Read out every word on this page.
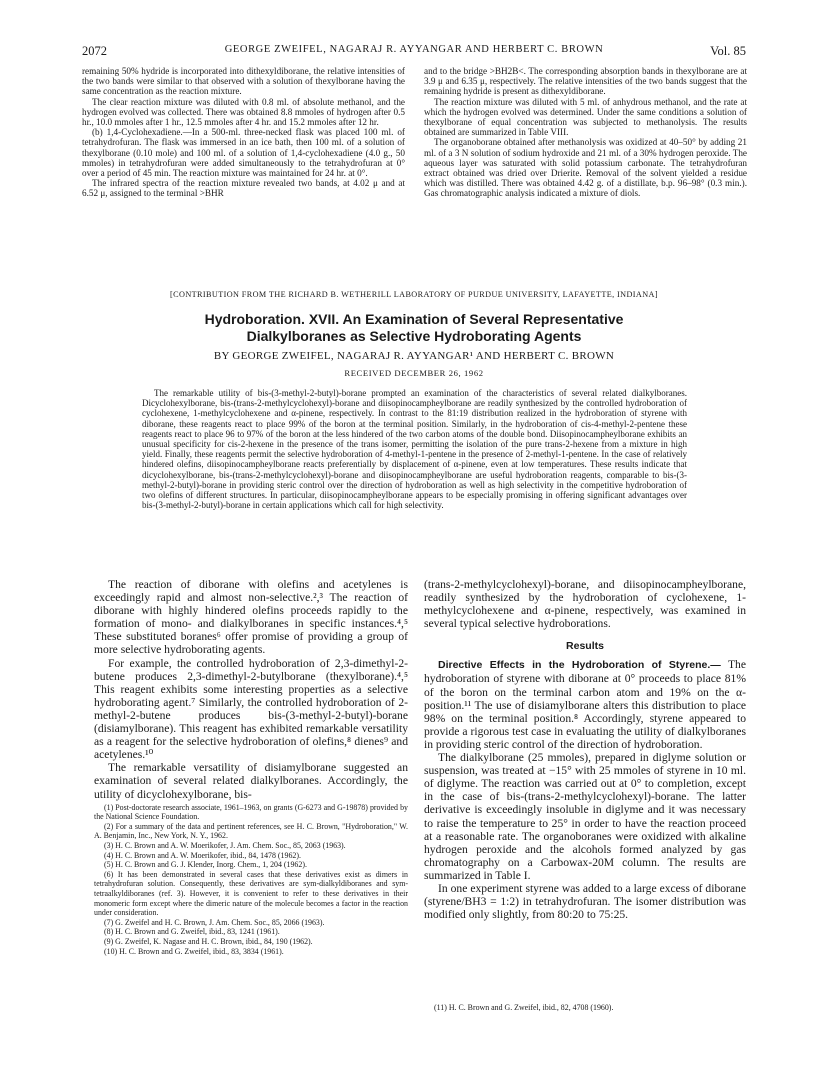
2072	GEORGE ZWEIFEL, NAGARAJ R. AYYANGAR AND HERBERT C. BROWN	Vol. 85

remaining 50% hydride is incorporated into dithexyldiborane, the relative intensities of the two bands were similar to that observed with a solution of thexylborane having the same concentration as the reaction mixture.

The clear reaction mixture was diluted with 0.8 ml. of absolute methanol, and the hydrogen evolved was collected. There was obtained 8.8 mmoles of hydrogen after 0.5 hr., 10.0 mmoles after 1 hr., 12.5 mmoles after 4 hr. and 15.2 mmoles after 12 hr.

(b) 1,4-Cyclohexadiene.—In a 500-ml. three-necked flask was placed 100 ml. of tetrahydrofuran. The flask was immersed in an ice bath, then 100 ml. of a solution of thexylborane (0.10 mole) and 100 ml. of a solution of 1,4-cyclohexadiene (4.0 g., 50 mmoles) in tetrahydrofuran were added simultaneously to the tetrahydrofuran at 0° over a period of 45 min. The reaction mixture was maintained for 24 hr. at 0°.

The infrared spectra of the reaction mixture revealed two bands, at 4.02 μ and at 6.52 μ, assigned to the terminal >BHR

and to the bridge >BH2B<. The corresponding absorption bands in thexylborane are at 3.9 μ and 6.35 μ, respectively. The relative intensities of the two bands suggest that the remaining hydride is present as dithexyldiborane.

The reaction mixture was diluted with 5 ml. of anhydrous methanol, and the rate at which the hydrogen evolved was determined. Under the same conditions a solution of thexylborane of equal concentration was subjected to methanolysis. The results obtained are summarized in Table VIII.

The organoborane obtained after methanolysis was oxidized at 40–50° by adding 21 ml. of a 3 N solution of sodium hydroxide and 21 ml. of a 30% hydrogen peroxide. The aqueous layer was saturated with solid potassium carbonate. The tetrahydrofuran extract obtained was dried over Drierite. Removal of the solvent yielded a residue which was distilled. There was obtained 4.42 g. of a distillate, b.p. 96–98° (0.3 min.). Gas chromatographic analysis indicated a mixture of diols.

[CONTRIBUTION FROM THE RICHARD B. WETHERILL LABORATORY OF PURDUE UNIVERSITY, LAFAYETTE, INDIANA]
Hydroboration. XVII. An Examination of Several Representative
Dialkylboranes as Selective Hydroborating Agents
BY GEORGE ZWEIFEL, NAGARAJ R. AYYANGAR¹ AND HERBERT C. BROWN
RECEIVED DECEMBER 26, 1962
The remarkable utility of bis-(3-methyl-2-butyl)-borane prompted an examination of the characteristics of several related dialkylboranes. Dicyclohexylborane, bis-(trans-2-methylcyclohexyl)-borane and diisopinocampheylborane are readily synthesized by the controlled hydroboration of cyclohexene, 1-methylcyclohexene and α-pinene, respectively. In contrast to the 81:19 distribution realized in the hydroboration of styrene with diborane, these reagents react to place 99% of the boron at the terminal position. Similarly, in the hydroboration of cis-4-methyl-2-pentene these reagents react to place 96 to 97% of the boron at the less hindered of the two carbon atoms of the double bond. Diisopinocampheylborane exhibits an unusual specificity for cis-2-hexene in the presence of the trans isomer, permitting the isolation of the pure trans-2-hexene from a mixture in high yield. Finally, these reagents permit the selective hydroboration of 4-methyl-1-pentene in the presence of 2-methyl-1-pentene. In the case of relatively hindered olefins, diisopinocampheylborane reacts preferentially by displacement of α-pinene, even at low temperatures. These results indicate that dicyclohexylborane, bis-(trans-2-methylcyclohexyl)-borane and diisopinocampheylborane are useful hydroboration reagents, comparable to bis-(3-methyl-2-butyl)-borane in providing steric control over the direction of hydroboration as well as high selectivity in the competitive hydroboration of two olefins of different structures. In particular, diisopinocampheylborane appears to be especially promising in offering significant advantages over bis-(3-methyl-2-butyl)-borane in certain applications which call for high selectivity.

The reaction of diborane with olefins and acetylenes is exceedingly rapid and almost non-selective.²,³ The reaction of diborane with highly hindered olefins proceeds rapidly to the formation of mono- and dialkylboranes in specific instances.⁴,⁵ These substituted boranes⁶ offer promise of providing a group of more selective hydroborating agents.

For example, the controlled hydroboration of 2,3-dimethyl-2-butene produces 2,3-dimethyl-2-butylborane (thexylborane).⁴,⁵ This reagent exhibits some interesting properties as a selective hydroborating agent.⁷ Similarly, the controlled hydroboration of 2-methyl-2-butene produces bis-(3-methyl-2-butyl)-borane (disiamylborane). This reagent has exhibited remarkable versatility as a reagent for the selective hydroboration of olefins,⁸ dienes⁹ and acetylenes.¹⁰

The remarkable versatility of disiamylborane suggested an examination of several related dialkylboranes. Accordingly, the utility of dicyclohexylborane, bis-

(1) Post-doctorate research associate, 1961–1963, on grants (G-6273 and G-19878) provided by the National Science Foundation.
(2) For a summary of the data and pertinent references, see H. C. Brown, "Hydroboration," W. A. Benjamin, Inc., New York, N. Y., 1962.
(3) H. C. Brown and A. W. Moerikofer, J. Am. Chem. Soc., 85, 2063 (1963).
(4) H. C. Brown and A. W. Moerikofer, ibid., 84, 1478 (1962).
(5) H. C. Brown and G. J. Klender, Inorg. Chem., 1, 204 (1962).
(6) It has been demonstrated in several cases that these derivatives exist as dimers in tetrahydrofuran solution. Consequently, these derivatives are sym-dialkyldiboranes and sym-tetraalkyldiboranes (ref. 3). However, it is convenient to refer to these derivatives in their monomeric form except where the dimeric nature of the molecule becomes a factor in the reaction under consideration.
(7) G. Zweifel and H. C. Brown, J. Am. Chem. Soc., 85, 2066 (1963).
(8) H. C. Brown and G. Zweifel, ibid., 83, 1241 (1961).
(9) G. Zweifel, K. Nagase and H. C. Brown, ibid., 84, 190 (1962).
(10) H. C. Brown and G. Zweifel, ibid., 83, 3834 (1961).

(trans-2-methylcyclohexyl)-borane, and diisopinocampheylborane, readily synthesized by the hydroboration of cyclohexene, 1-methylcyclohexene and α-pinene, respectively, was examined in several typical selective hydroborations.

Results

Directive Effects in the Hydroboration of Styrene.— The hydroboration of styrene with diborane at 0° proceeds to place 81% of the boron on the terminal carbon atom and 19% on the α-position.¹¹ The use of disiamylborane alters this distribution to place 98% on the terminal position.⁸ Accordingly, styrene appeared to provide a rigorous test case in evaluating the utility of dialkylboranes in providing steric control of the direction of hydroboration.

The dialkylborane (25 mmoles), prepared in diglyme solution or suspension, was treated at −15° with 25 mmoles of styrene in 10 ml. of diglyme. The reaction was carried out at 0° to completion, except in the case of bis-(trans-2-methylcyclohexyl)-borane. The latter derivative is exceedingly insoluble in diglyme and it was necessary to raise the temperature to 25° in order to have the reaction proceed at a reasonable rate. The organoboranes were oxidized with alkaline hydrogen peroxide and the alcohols formed analyzed by gas chromatography on a Carbowax-20M column. The results are summarized in Table I.

In one experiment styrene was added to a large excess of diborane (styrene/BH3 = 1:2) in tetrahydrofuran. The isomer distribution was modified only slightly, from 80:20 to 75:25.

(11) H. C. Brown and G. Zweifel, ibid., 82, 4708 (1960).
